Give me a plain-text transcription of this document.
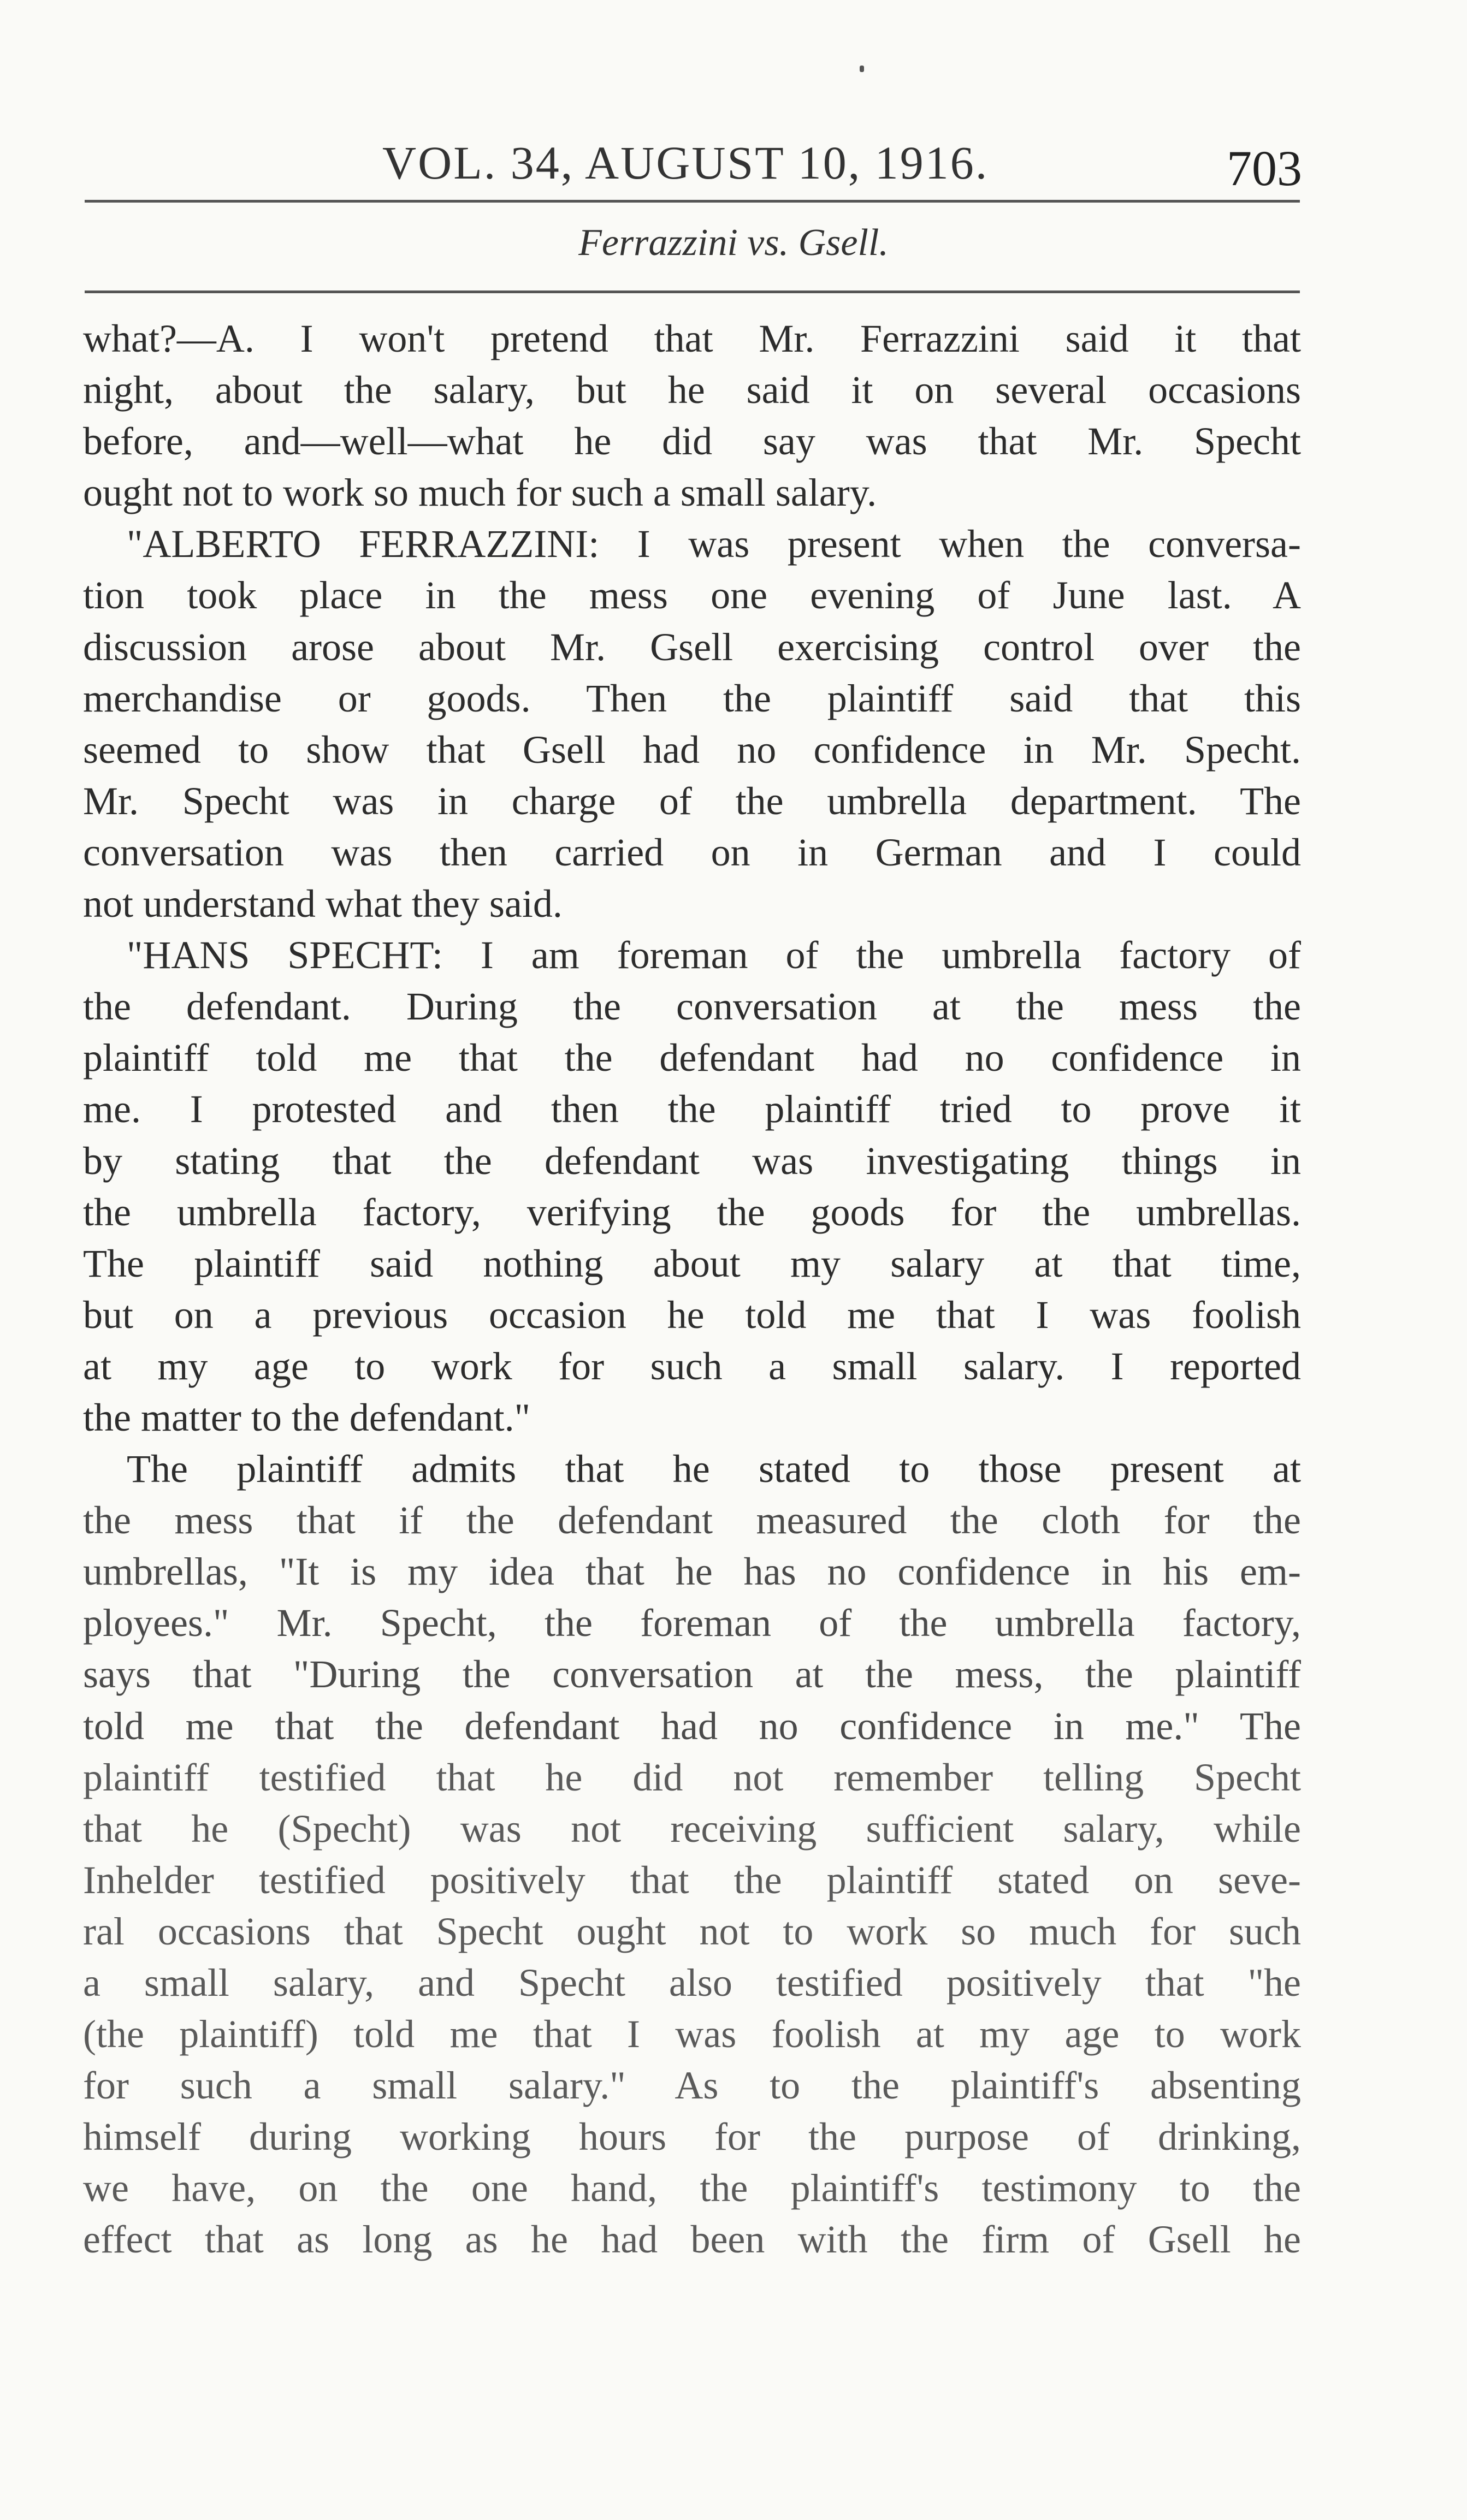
VOL. 34, AUGUST 10, 1916.	703
Ferrazzini vs. Gsell.
what?—A. I won't pretend that Mr. Ferrazzini said it that
night, about the salary, but he said it on several occasions
before, and—well—what he did say was that Mr. Specht
ought not to work so much for such a small salary.
"ALBERTO FERRAZZINI: I was present when the conversa-
tion took place in the mess one evening of June last. A
discussion arose about Mr. Gsell exercising control over the
merchandise or goods. Then the plaintiff said that this
seemed to show that Gsell had no confidence in Mr. Specht.
Mr. Specht was in charge of the umbrella department. The
conversation was then carried on in German and I could
not understand what they said.
"HANS SPECHT: I am foreman of the umbrella factory of
the defendant. During the conversation at the mess the
plaintiff told me that the defendant had no confidence in
me. I protested and then the plaintiff tried to prove it
by stating that the defendant was investigating things in
the umbrella factory, verifying the goods for the umbrellas.
The plaintiff said nothing about my salary at that time,
but on a previous occasion he told me that I was foolish
at my age to work for such a small salary. I reported
the matter to the defendant."
The plaintiff admits that he stated to those present at
the mess that if the defendant measured the cloth for the
umbrellas, "It is my idea that he has no confidence in his em-
ployees." Mr. Specht, the foreman of the umbrella factory,
says that "During the conversation at the mess, the plaintiff
told me that the defendant had no confidence in me." The
plaintiff testified that he did not remember telling Specht
that he (Specht) was not receiving sufficient salary, while
Inhelder testified positively that the plaintiff stated on seve-
ral occasions that Specht ought not to work so much for such
a small salary, and Specht also testified positively that "he
(the plaintiff) told me that I was foolish at my age to work
for such a small salary." As to the plaintiff's absenting
himself during working hours for the purpose of drinking,
we have, on the one hand, the plaintiff's testimony to the
effect that as long as he had been with the firm of Gsell he
